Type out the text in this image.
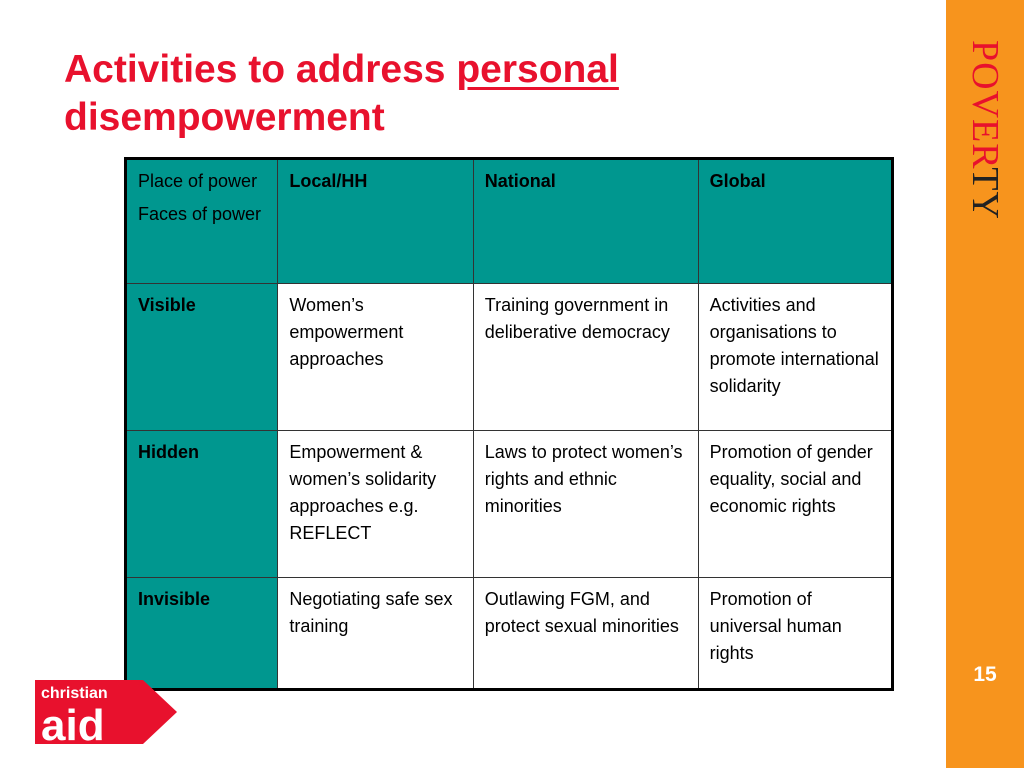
POVERTY
15
Activities to address personal disempowerment
Place of power
Faces of power	Local/HH	National	Global
Visible	Women’s empowerment approaches	Training government in deliberative democracy	Activities and organisations to promote international solidarity
Hidden	Empowerment & women’s solidarity approaches e.g. REFLECT	Laws to protect women’s rights and ethnic minorities	Promotion of gender equality, social and economic rights
Invisible	Negotiating safe sex training	Outlawing FGM, and protect sexual minorities	Promotion of universal human rights
christian
aid
